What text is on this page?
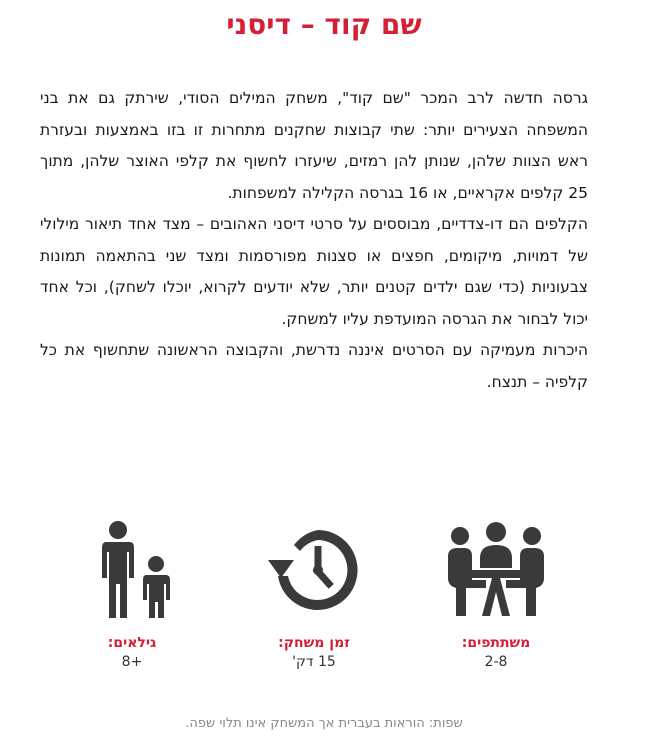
שם קוד – דיסני

גרסה חדשה לרב המכר "שם קוד", משחק המילים הסודי, שירתק גם את בני המשפחה הצעירים יותר: שתי קבוצות שחקנים מתחרות זו בזו באמצעות ובעזרת ראש הצוות שלהן, שנותן להן רמזים, שיעזרו לחשוף את קלפי האוצר שלהן, מתוך 25 קלפים אקראיים, או 16 בגרסה הקלילה למשפחות.

הקלפים הם דו-צדדיים, מבוססים על סרטי דיסני האהובים – מצד אחד תיאור מילולי של דמויות, מיקומים, חפצים או סצנות מפורסמות ומצד שני בהתאמה תמונות צבעוניות (כדי שגם ילדים קטנים יותר, שלא יודעים לקרוא, יוכלו לשחק), וכל אחד יכול לבחור את הגרסה המועדפת עליו למשחק.

היכרות מעמיקה עם הסרטים איננה נדרשת, והקבוצה הראשונה שתחשוף את כל קלפיה – תנצח.

משתתפים:
2-8
זמן משחק:
15 דק'
גילאים:
+8
שפות: הוראות בעברית אך המשחק אינו תלוי שפה.
